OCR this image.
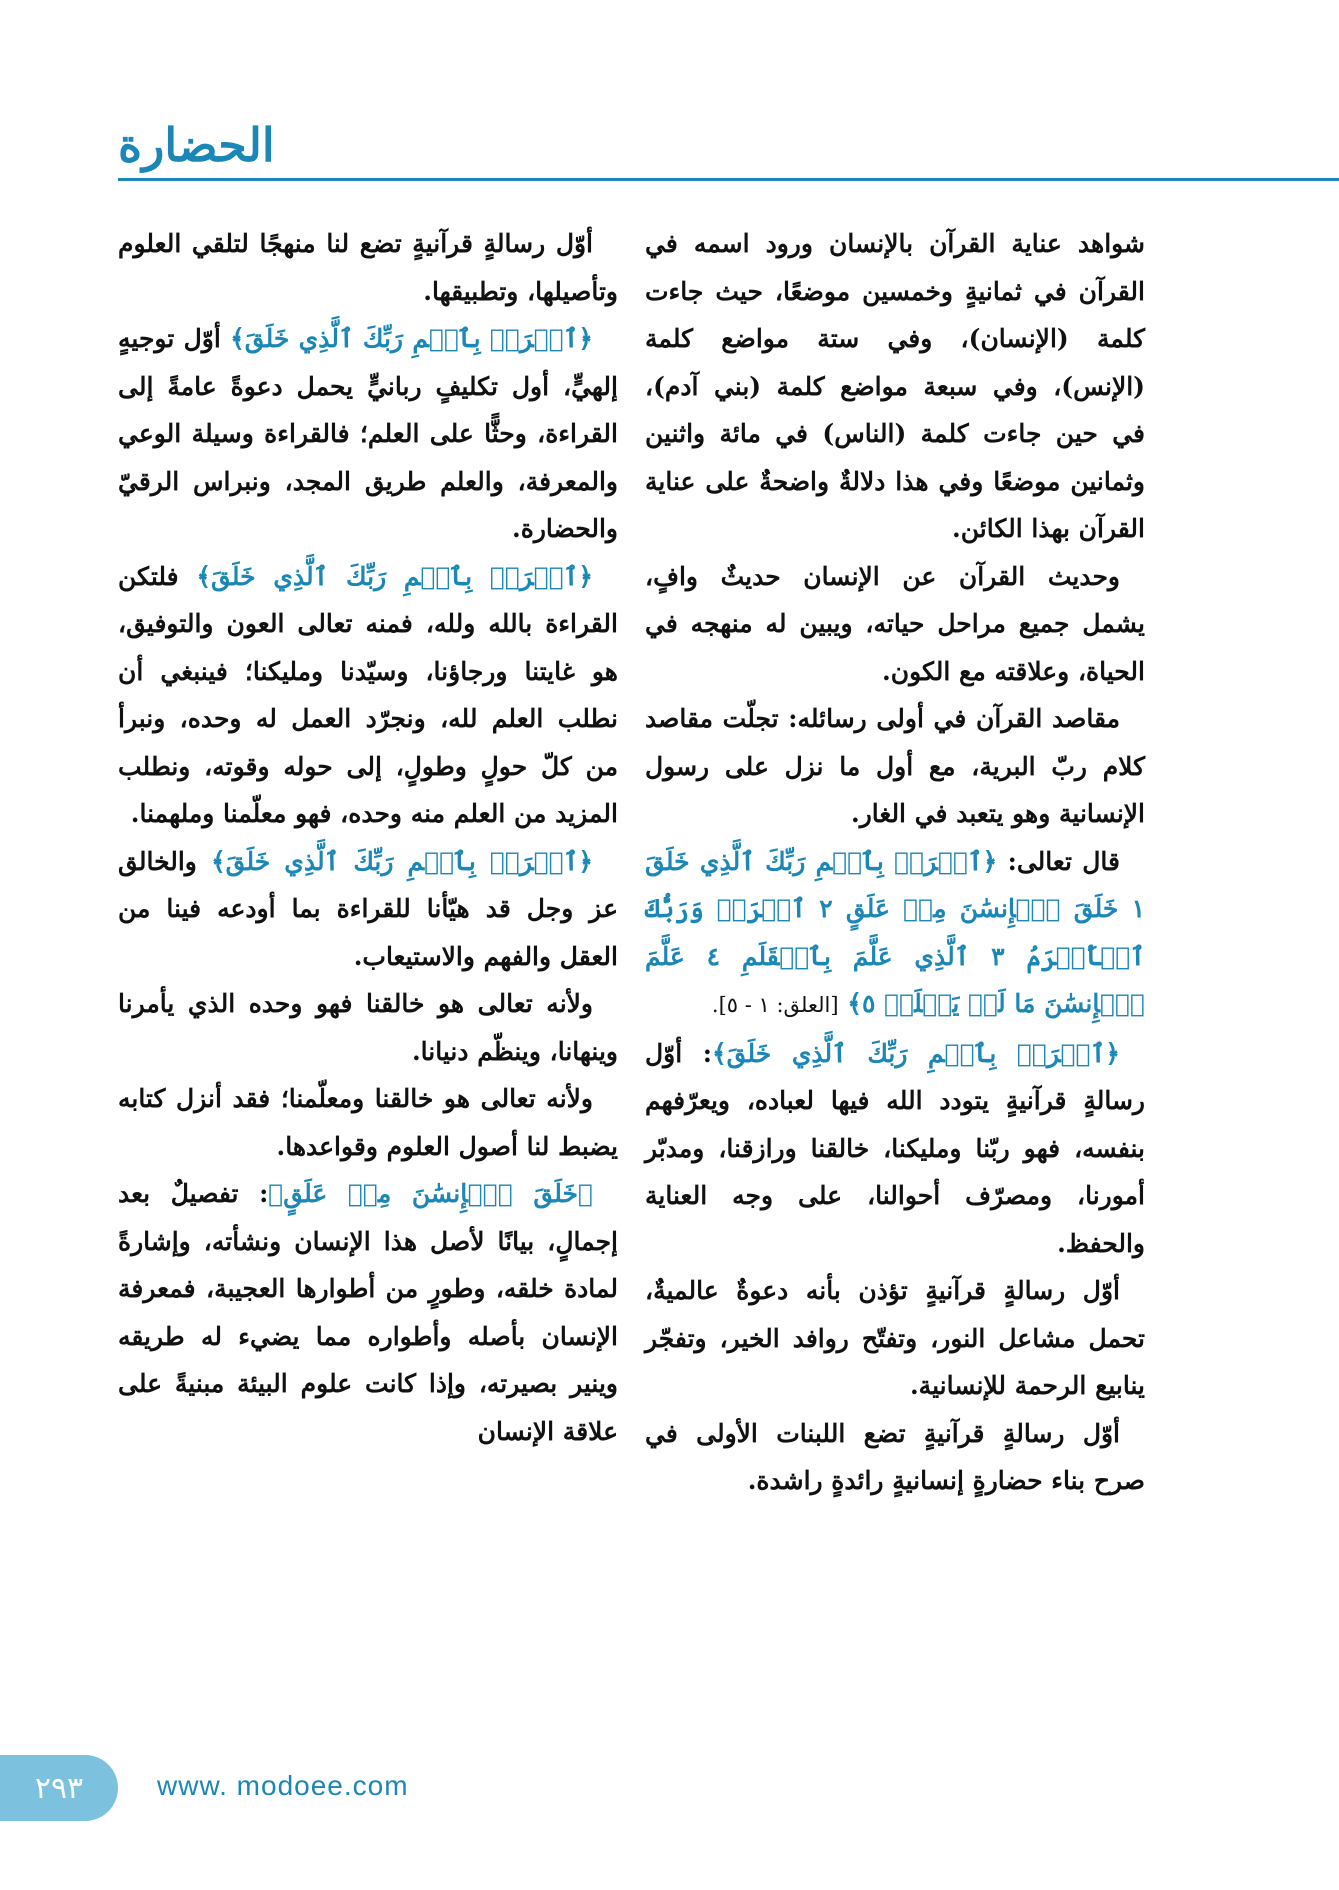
الحضارة

شواهد عناية القرآن بالإنسان ورود اسمه في القرآن في ثمانيةٍ وخمسين موضعًا، حيث جاءت كلمة (الإنسان)، وفي ستة مواضع كلمة (الإنس)، وفي سبعة مواضع كلمة (بني آدم)، في حين جاءت كلمة (الناس) في مائة واثنين وثمانين موضعًا وفي هذا دلالةٌ واضحةٌ على عناية القرآن بهذا الكائن.

وحديث القرآن عن الإنسان حديثٌ وافٍ، يشمل جميع مراحل حياته، ويبين له منهجه في الحياة، وعلاقته مع الكون.

مقاصد القرآن في أولى رسائله: تجلّت مقاصد كلام ربّ البرية، مع أول ما نزل على رسول الإنسانية وهو يتعبد في الغار.

قال تعالى: ﴿ٱقۡرَأۡ بِٱسۡمِ رَبِّكَ ٱلَّذِي خَلَقَ ١ خَلَقَ ٱلۡإِنسَٰنَ مِنۡ عَلَقٍ ٢ ٱقۡرَأۡ وَرَبُّكَ ٱلۡأَكۡرَمُ ٣ ٱلَّذِي عَلَّمَ بِٱلۡقَلَمِ ٤ عَلَّمَ ٱلۡإِنسَٰنَ مَا لَمۡ يَعۡلَمۡ ٥﴾ [العلق: ١ - ٥].

﴿ٱقۡرَأۡ بِٱسۡمِ رَبِّكَ ٱلَّذِي خَلَقَ﴾: أوّل رسالةٍ قرآنيةٍ يتودد الله فيها لعباده، ويعرّفهم بنفسه، فهو ربّنا ومليكنا، خالقنا ورازقنا، ومدبّر أمورنا، ومصرّف أحوالنا، على وجه العناية والحفظ.

أوّل رسالةٍ قرآنيةٍ تؤذن بأنه دعوةٌ عالميةٌ، تحمل مشاعل النور، وتفتّح روافد الخير، وتفجّر ينابيع الرحمة للإنسانية.

أوّل رسالةٍ قرآنيةٍ تضع اللبنات الأولى في صرح بناء حضارةٍ إنسانيةٍ رائدةٍ راشدة.

أوّل رسالةٍ قرآنيةٍ تضع لنا منهجًا لتلقي العلوم وتأصيلها، وتطبيقها.

﴿ٱقۡرَأۡ بِٱسۡمِ رَبِّكَ ٱلَّذِي خَلَقَ﴾ أوّل توجيهٍ إلهيٍّ، أول تكليفٍ ربانيٍّ يحمل دعوةً عامةً إلى القراءة، وحثًّا على العلم؛ فالقراءة وسيلة الوعي والمعرفة، والعلم طريق المجد، ونبراس الرقيّ والحضارة.

﴿ٱقۡرَأۡ بِٱسۡمِ رَبِّكَ ٱلَّذِي خَلَقَ﴾ فلتكن القراءة بالله ولله، فمنه تعالى العون والتوفيق، هو غايتنا ورجاؤنا، وسيّدنا ومليكنا؛ فينبغي أن نطلب العلم لله، ونجرّد العمل له وحده، ونبرأ من كلّ حولٍ وطولٍ، إلى حوله وقوته، ونطلب المزيد من العلم منه وحده، فهو معلّمنا وملهمنا.

﴿ٱقۡرَأۡ بِٱسۡمِ رَبِّكَ ٱلَّذِي خَلَقَ﴾ والخالق عز وجل قد هيّأنا للقراءة بما أودعه فينا من العقل والفهم والاستيعاب.

ولأنه تعالى هو خالقنا فهو وحده الذي يأمرنا وينهانا، وينظّم دنيانا.

ولأنه تعالى هو خالقنا ومعلّمنا؛ فقد أنزل كتابه يضبط لنا أصول العلوم وقواعدها.

﴿خَلَقَ ٱلۡإِنسَٰنَ مِنۡ عَلَقٍ﴾: تفصيلٌ بعد إجمالٍ، بيانًا لأصل هذا الإنسان ونشأته، وإشارةً لمادة خلقه، وطورٍ من أطوارها العجيبة، فمعرفة الإنسان بأصله وأطواره مما يضيء له طريقه وينير بصيرته، وإذا كانت علوم البيئة مبنيةً على علاقة الإنسان

٢٩٣	www. modoee.com
